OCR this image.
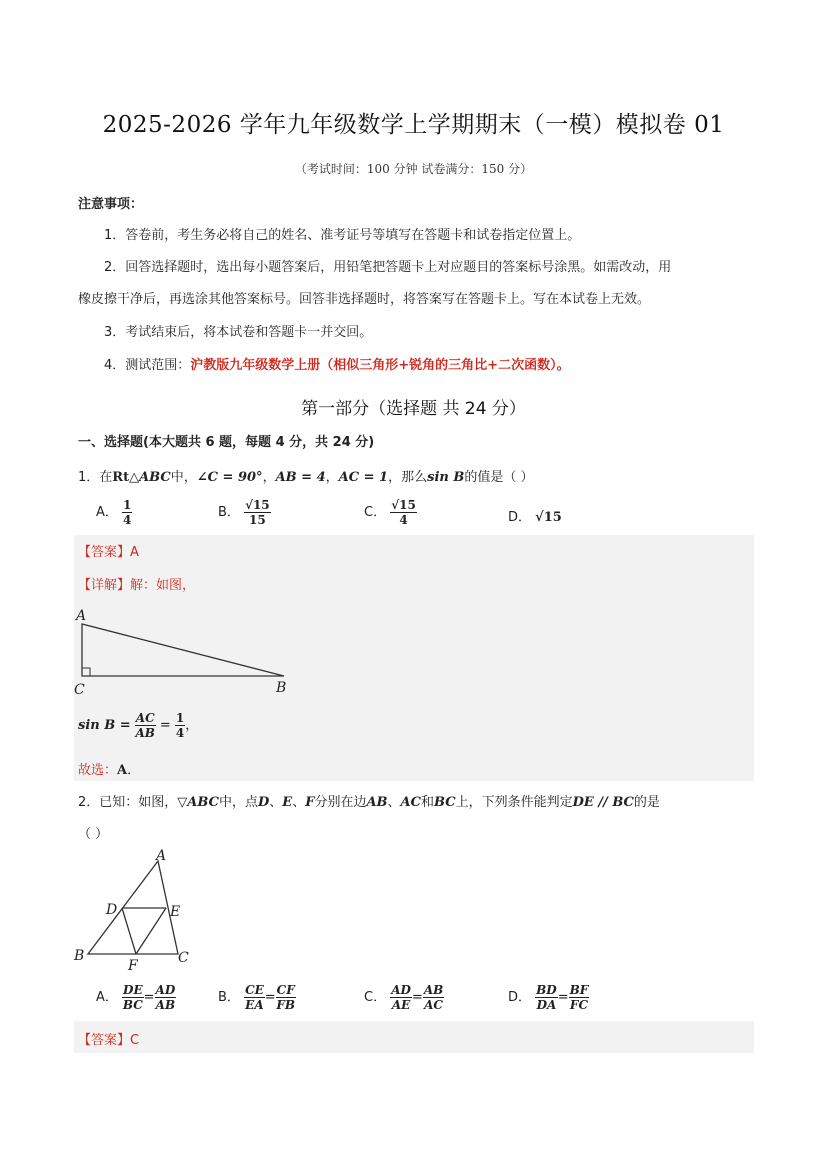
2025-2026 学年九年级数学上学期期末（一模）模拟卷 01
（考试时间：100 分钟 试卷满分：150 分）
注意事项：
1．答卷前，考生务必将自己的姓名、准考证号等填写在答题卡和试卷指定位置上。
2．回答选择题时，选出每小题答案后，用铅笔把答题卡上对应题目的答案标号涂黑。如需改动，用
橡皮擦干净后，再选涂其他答案标号。回答非选择题时，将答案写在答题卡上。写在本试卷上无效。
3．考试结束后，将本试卷和答题卡一并交回。
4．测试范围：沪教版九年级数学上册（相似三角形+锐角的三角比+二次函数）。
第一部分（选择题 共 24 分）
一、选择题(本大题共 6 题，每题 4 分，共 24 分)
1．在Rt△ABC中，∠C = 90°，AB = 4，AC = 1，那么sin B的值是（ ）
A． $\frac{1}{4}$	B． $\frac{√15}{15}$	C． $\frac{√15}{4}$	D． √15
【答案】A
【详解】解：如图，
A
C	B
$\sin B = \frac{AC}{AB} = \frac{1}{4}$ ，
故选：A．
2．已知：如图，▽ABC中，点D、E、F分别在边AB、AC和BC上，下列条件能判定DE // BC的是
（ ）
A
D	E
B	C
F
A． $\frac{DE}{BC} = \frac{AD}{AB}$	B． $\frac{CE}{EA} = \frac{CF}{FB}$	C． $\frac{AD}{AE} = \frac{AB}{AC}$	D． $\frac{BD}{DA} = \frac{BF}{FC}$
【答案】C
